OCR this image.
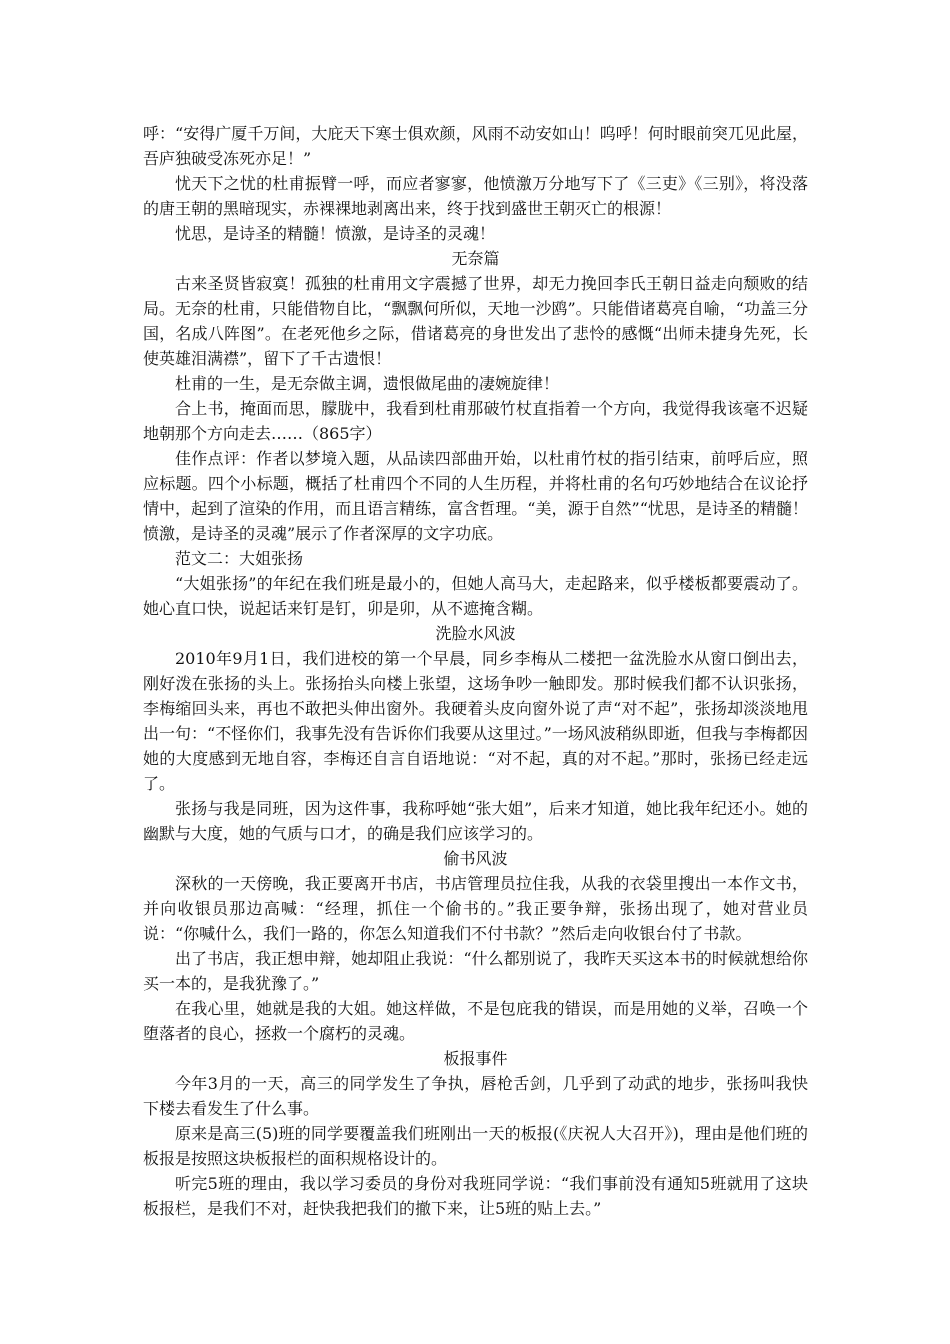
呼：“安得广厦千万间，大庇天下寒士俱欢颜，风雨不动安如山！呜呼！何时眼前突兀见此屋，吾庐独破受冻死亦足！”

忧天下之忧的杜甫振臂一呼，而应者寥寥，他愤激万分地写下了《三吏》《三别》，将没落的唐王朝的黑暗现实，赤裸裸地剥离出来，终于找到盛世王朝灭亡的根源！

忧思，是诗圣的精髓！愤激，是诗圣的灵魂！

无奈篇

古来圣贤皆寂寞！孤独的杜甫用文字震撼了世界，却无力挽回李氏王朝日益走向颓败的结局。无奈的杜甫，只能借物自比，“飘飘何所似，天地一沙鸥”。只能借诸葛亮自喻，“功盖三分国，名成八阵图”。在老死他乡之际，借诸葛亮的身世发出了悲怜的感慨“出师未捷身先死，长使英雄泪满襟”，留下了千古遗恨！

杜甫的一生，是无奈做主调，遗恨做尾曲的凄婉旋律！

合上书，掩面而思，朦胧中，我看到杜甫那破竹杖直指着一个方向，我觉得我该毫不迟疑地朝那个方向走去……（865字）

佳作点评：作者以梦境入题，从品读四部曲开始，以杜甫竹杖的指引结束，前呼后应，照应标题。四个小标题，概括了杜甫四个不同的人生历程，并将杜甫的名句巧妙地结合在议论抒情中，起到了渲染的作用，而且语言精练，富含哲理。“美，源于自然”“忧思，是诗圣的精髓！愤激，是诗圣的灵魂”展示了作者深厚的文字功底。

范文二：大姐张扬

“大姐张扬”的年纪在我们班是最小的，但她人高马大，走起路来，似乎楼板都要震动了。她心直口快，说起话来钉是钉，卯是卯，从不遮掩含糊。

洗脸水风波

2010年9月1日，我们进校的第一个早晨，同乡李梅从二楼把一盆洗脸水从窗口倒出去，刚好泼在张扬的头上。张扬抬头向楼上张望，这场争吵一触即发。那时候我们都不认识张扬，李梅缩回头来，再也不敢把头伸出窗外。我硬着头皮向窗外说了声“对不起”，张扬却淡淡地甩出一句：“不怪你们，我事先没有告诉你们我要从这里过。”一场风波稍纵即逝，但我与李梅都因她的大度感到无地自容，李梅还自言自语地说：“对不起，真的对不起。”那时，张扬已经走远了。

张扬与我是同班，因为这件事，我称呼她“张大姐”，后来才知道，她比我年纪还小。她的幽默与大度，她的气质与口才，的确是我们应该学习的。

偷书风波

深秋的一天傍晚，我正要离开书店，书店管理员拉住我，从我的衣袋里搜出一本作文书，并向收银员那边高喊：“经理，抓住一个偷书的。”我正要争辩，张扬出现了，她对营业员说：“你喊什么，我们一路的，你怎么知道我们不付书款？”然后走向收银台付了书款。

出了书店，我正想申辩，她却阻止我说：“什么都别说了，我昨天买这本书的时候就想给你买一本的，是我犹豫了。”

在我心里，她就是我的大姐。她这样做，不是包庇我的错误，而是用她的义举，召唤一个堕落者的良心，拯救一个腐朽的灵魂。

板报事件

今年3月的一天，高三的同学发生了争执，唇枪舌剑，几乎到了动武的地步，张扬叫我快下楼去看发生了什么事。

原来是高三(5)班的同学要覆盖我们班刚出一天的板报(《庆祝人大召开》)，理由是他们班的板报是按照这块板报栏的面积规格设计的。

听完5班的理由，我以学习委员的身份对我班同学说：“我们事前没有通知5班就用了这块板报栏，是我们不对，赶快我把我们的撤下来，让5班的贴上去。”
